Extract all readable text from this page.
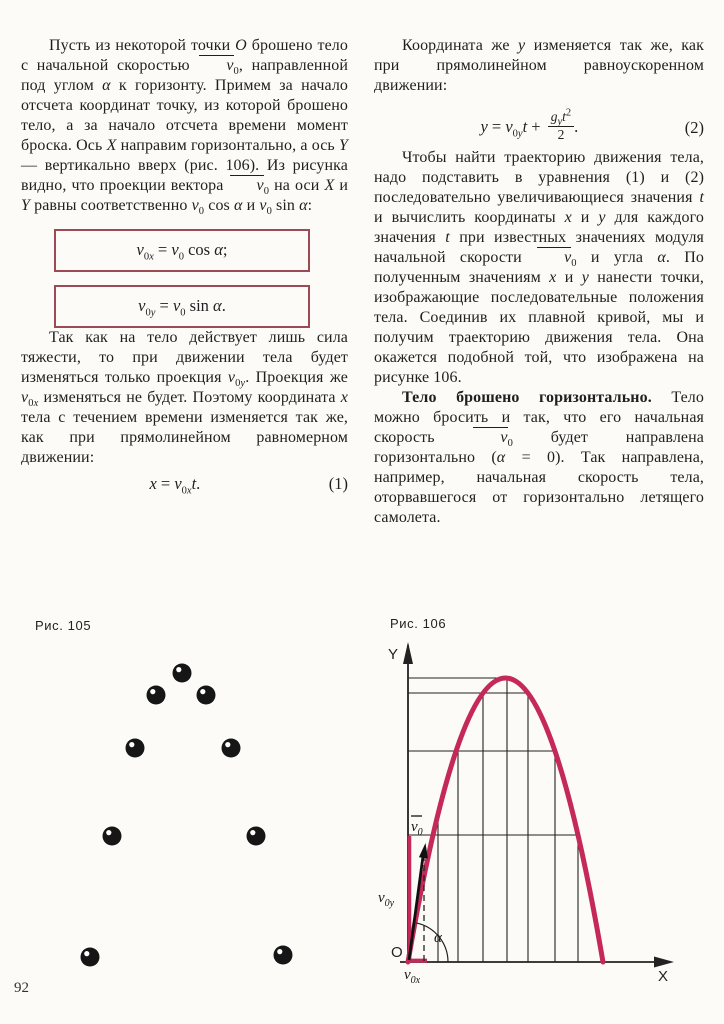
Пусть из некоторой точки O брошено тело с начальной скоростью $v_0$, направленной под углом α к горизонту. Примем за начало отсчета координат точку, из которой брошено тело, а за начало отсчета времени момент броска. Ось X направим горизонтально, а ось Y — вертикально вверх (рис. 106). Из рисунка видно, что проекции вектора $v_0$ на оси X и Y равны соответственно $v_0$ cos α и $v_0$ sin α:

$v_{0x} = v_0$ cos α;
$v_{0y} = v_0$ sin α.

Так как на тело действует лишь сила тяжести, то при движении тела будет изменяться только проекция $v_{0y}$. Проекция же $v_{0x}$ изменяться не будет. Поэтому координата x тела с течением времени изменяется так же, как при прямолинейном равномерном движении:

$x = v_{0x}t$.	(1)

Координата же y изменяется так же, как при прямолинейном равноускоренном движении:

$y = v_{0y}t + \frac{g_yt^2}{2}$ .	(2)

Чтобы найти траекторию движения тела, надо подставить в уравнения (1) и (2) последовательно увеличивающиеся значения t и вычислить координаты x и y для каждого значения t при известных значениях модуля начальной скорости $v_0$ и угла α. По полученным значениям x и y нанести точки, изображающие последовательные положения тела. Соединив их плавной кривой, мы и получим траекторию движения тела. Она окажется подобной той, что изображена на рисунке 106.

Тело брошено горизонтально. Тело можно бросить и так, что его начальная скорость $v_0$ будет направлена горизонтально (α = 0). Так направлена, например, начальная скорость тела, оторвавшегося от горизонтально летящего самолета.

Рис. 105	Рис. 106
Y
X
O
$v_0$
$v_{0y}$
$v_{0x}$
α
92
